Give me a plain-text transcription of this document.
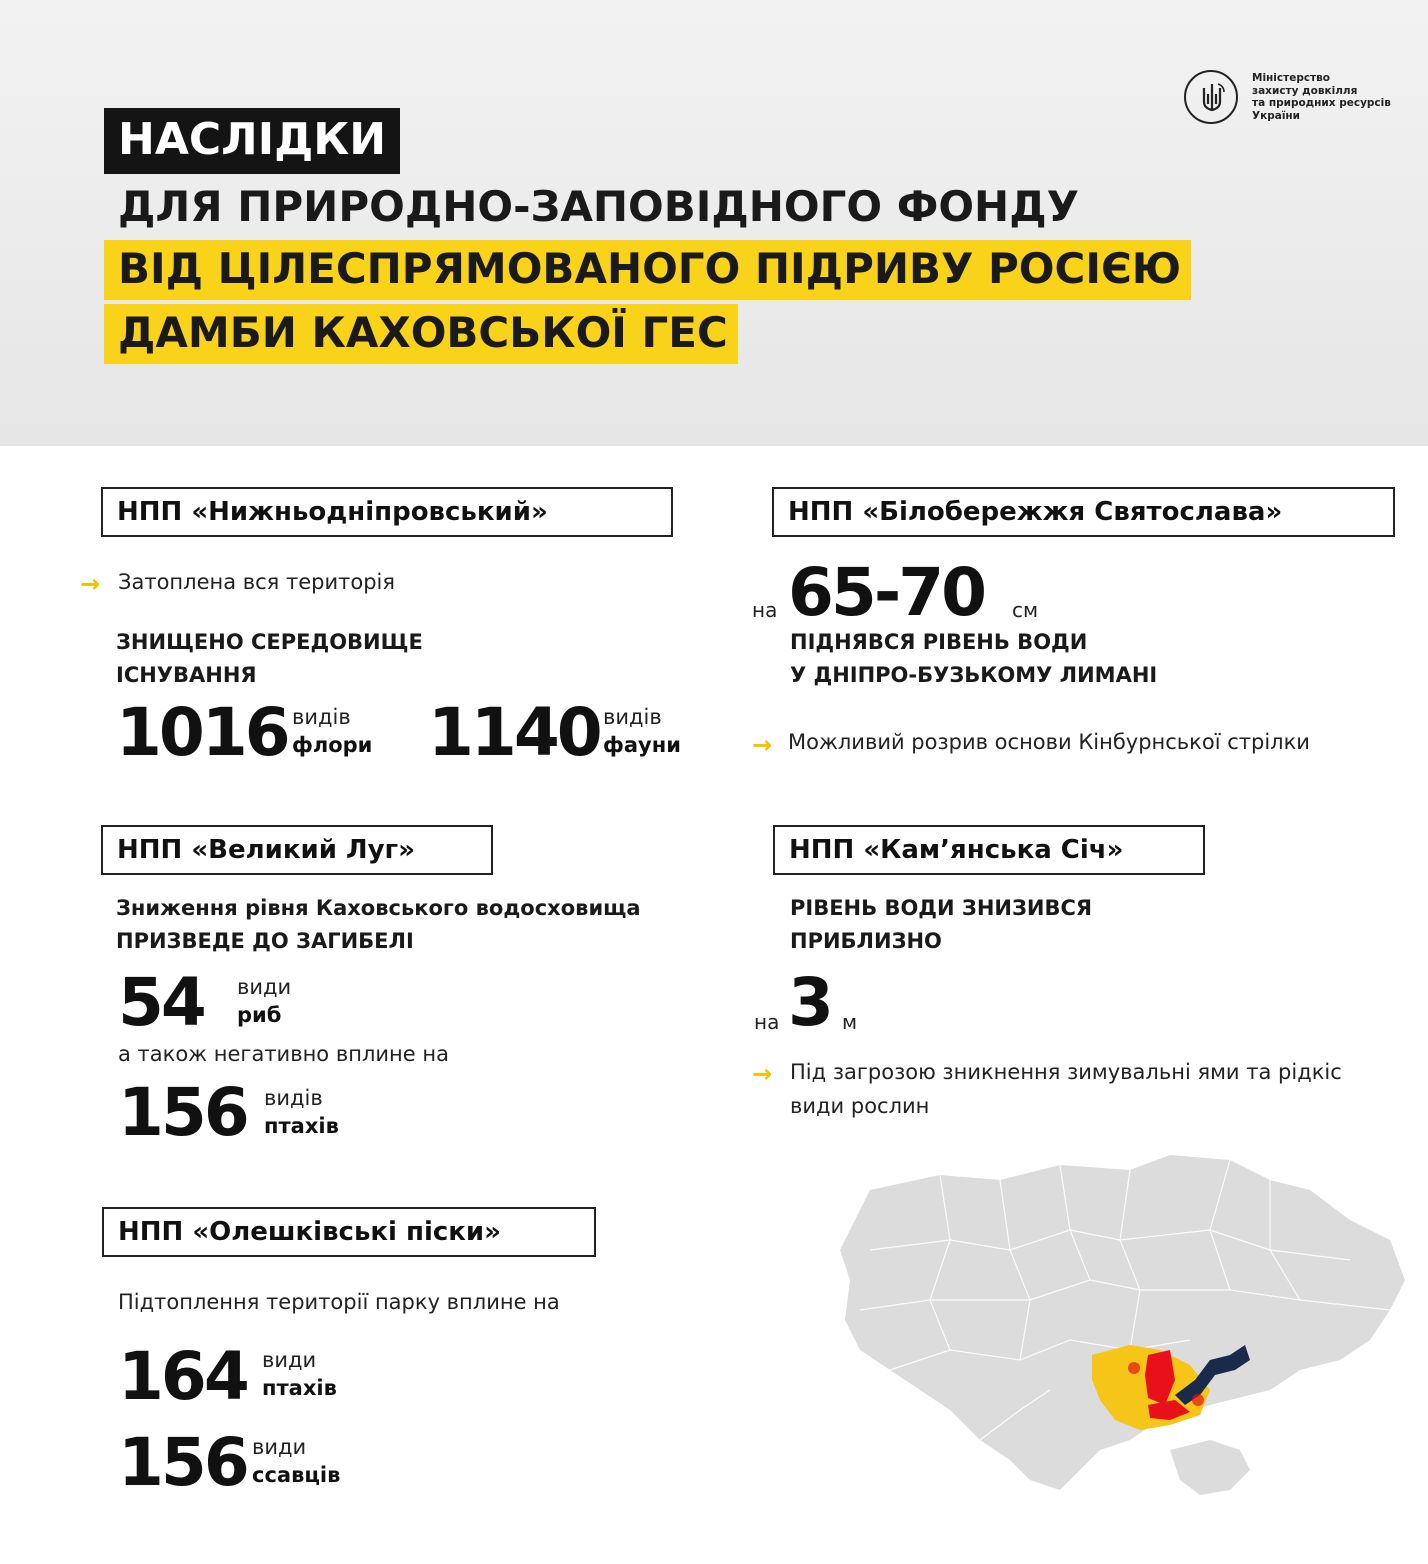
Міністерство
захисту довкілля
та природних ресурсів
України
НАСЛІДКИ
ДЛЯ ПРИРОДНО-ЗАПОВІДНОГО ФОНДУ
ВІД ЦІЛЕСПРЯМОВАНОГО ПІДРИВУ РОСІЄЮ
ДАМБИ КАХОВСЬКОЇ ГЕС
НПП «Нижньодніпровський»
→ Затоплена вся територія
ЗНИЩЕНО СЕРЕДОВИЩЕ
ІСНУВАННЯ
1016 видів
флори 1140 видів
фауни
НПП «Білобережжя Святослава»
на 65-70 см
ПІДНЯВСЯ РІВЕНЬ ВОДИ
У ДНІПРО-БУЗЬКОМУ ЛИМАНІ
→ Можливий розрив основи Кінбурнської стрілки
НПП «Великий Луг»
Зниження рівня Каховського водосховища
ПРИЗВЕДЕ ДО ЗАГИБЕЛІ
54 види
риб
а також негативно вплине на
156 видів
птахів
НПП «Кам’янська Січ»
РІВЕНЬ ВОДИ ЗНИЗИВСЯ
ПРИБЛИЗНО
на 3 м
→ Під загрозою зникнення зимувальні ями та рідкіс
види рослин
НПП «Олешківські піски»
Підтоплення території парку вплине на
164 види
птахів
156 види
ссавців
